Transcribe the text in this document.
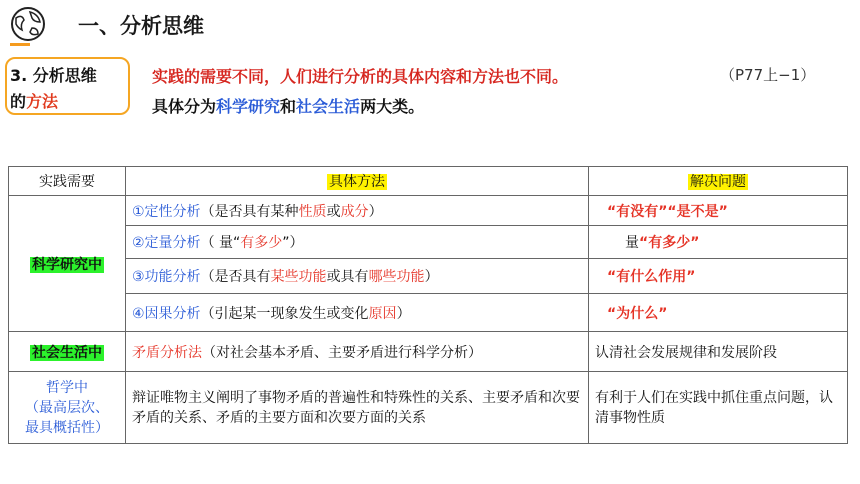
一、分析思维
3. 分析思维
的方法
实践的需要不同，人们进行分析的具体内容和方法也不同。	（P77上−1）
具体分为科学研究和社会生活两大类。
实践需要	具体方法	解决问题
科学研究中	①定性分析（是否具有某种性质或成分）	“有没有”“是不是”
	②定量分析（ 量“有多少”）	量“有多少”
	③功能分析（是否具有某些功能或具有哪些功能）	“有什么作用”
	④因果分析（引起某一现象发生或变化原因）	“为什么”
社会生活中	矛盾分析法（对社会基本矛盾、主要矛盾进行科学分析）	认清社会发展规律和发展阶段

哲学中
（最高层次、
最具概括性）	辩证唯物主义阐明了事物矛盾的普遍性和特殊性的关系、主要矛盾和次要矛盾的关系、矛盾的主要方面和次要方面的关系	有利于人们在实践中抓住重点问题，认清事物性质
